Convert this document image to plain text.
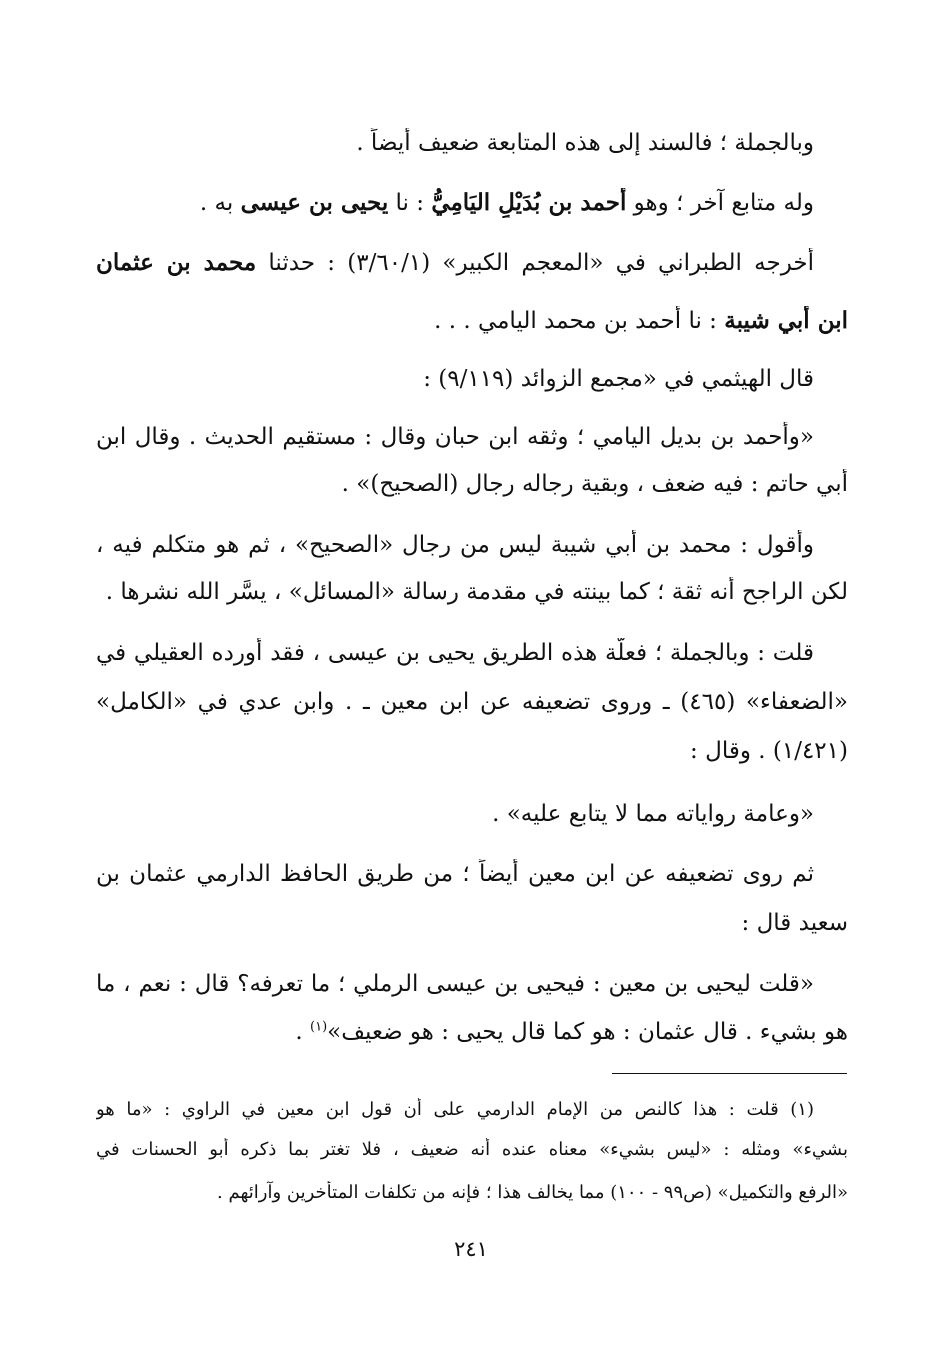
وبالجملة ؛ فالسند إلى هذه المتابعة ضعيف أيضاً .
وله متابع آخر ؛ وهو أحمد بن بُدَيْلٍ اليَامِيُّ : نا يحيى بن عيسى به .
أخرجه الطبراني في «المعجم الكبير» (٣/٦٠/١) : حدثنا محمد بن عثمان
ابن أبي شيبة : نا أحمد بن محمد اليامي . . .
قال الهيثمي في «مجمع الزوائد (٩/١١٩) :
«وأحمد بن بديل اليامي ؛ وثقه ابن حبان وقال : مستقيم الحديث . وقال ابن
أبي حاتم : فيه ضعف ، وبقية رجاله رجال (الصحيح)» .
وأقول : محمد بن أبي شيبة ليس من رجال «الصحيح» ، ثم هو متكلم فيه ،
لكن الراجح أنه ثقة ؛ كما بينته في مقدمة رسالة «المسائل» ، يسَّر الله نشرها .
قلت : وبالجملة ؛ فعلَّة هذه الطريق يحيى بن عيسى ، فقد أورده العقيلي في
«الضعفاء» (٤٦٥) ـ وروى تضعيفه عن ابن معين ـ . وابن عدي في «الكامل»
(١/٤٢١) . وقال :
«وعامة رواياته مما لا يتابع عليه» .
ثم روى تضعيفه عن ابن معين أيضاً ؛ من طريق الحافظ الدارمي عثمان بن
سعيد قال :
«قلت ليحيى بن معين : فيحيى بن عيسى الرملي ؛ ما تعرفه؟ قال : نعم ، ما
هو بشيء . قال عثمان : هو كما قال يحيى : هو ضعيف»$^{(١)}$ .
(١) قلت : هذا كالنص من الإمام الدارمي على أن قول ابن معين في الراوي : «ما هو
بشيء» ومثله : «ليس بشيء» معناه عنده أنه ضعيف ، فلا تغتر بما ذكره أبو الحسنات في
«الرفع والتكميل» (ص٩٩ - ١٠٠) مما يخالف هذا ؛ فإنه من تكلفات المتأخرين وآرائهم .
٢٤١
